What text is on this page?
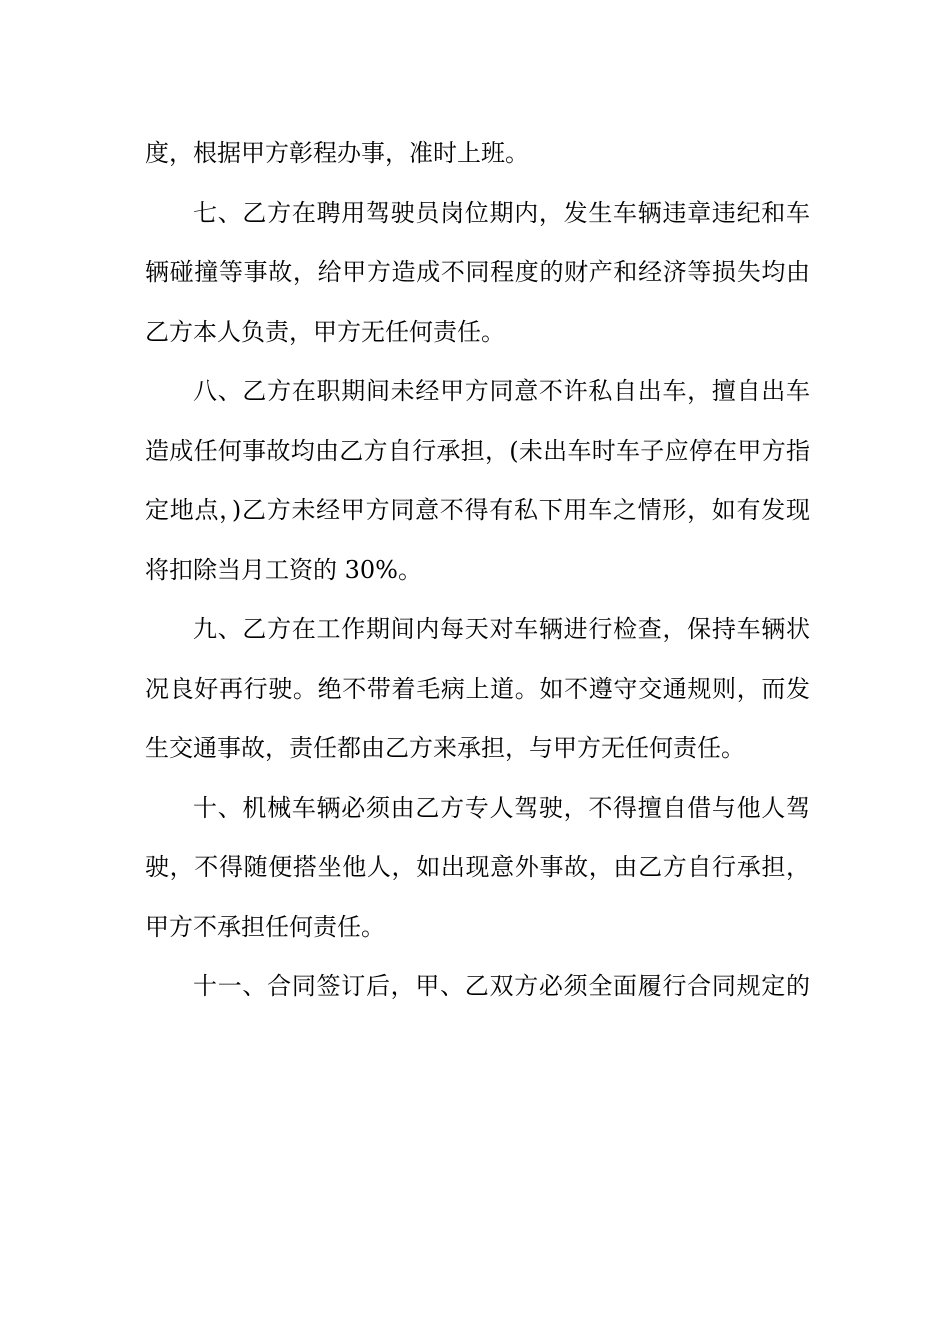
度，根据甲方彰程办事，准时上班。
七、乙方在聘用驾驶员岗位期内，发生车辆违章违纪和车
辆碰撞等事故，给甲方造成不同程度的财产和经济等损失均由
乙方本人负责，甲方无任何责任。
八、乙方在职期间未经甲方同意不许私自出车，擅自出车
造成任何事故均由乙方自行承担，(未出车时车子应停在甲方指
定地点，)乙方未经甲方同意不得有私下用车之情形，如有发现
将扣除当月工资的 30%。
九、乙方在工作期间内每天对车辆进行检查，保持车辆状
况良好再行驶。绝不带着毛病上道。如不遵守交通规则，而发
生交通事故，责任都由乙方来承担，与甲方无任何责任。
十、机械车辆必须由乙方专人驾驶，不得擅自借与他人驾
驶，不得随便搭坐他人，如出现意外事故，由乙方自行承担，
甲方不承担任何责任。
十一、合同签订后，甲、乙双方必须全面履行合同规定的
